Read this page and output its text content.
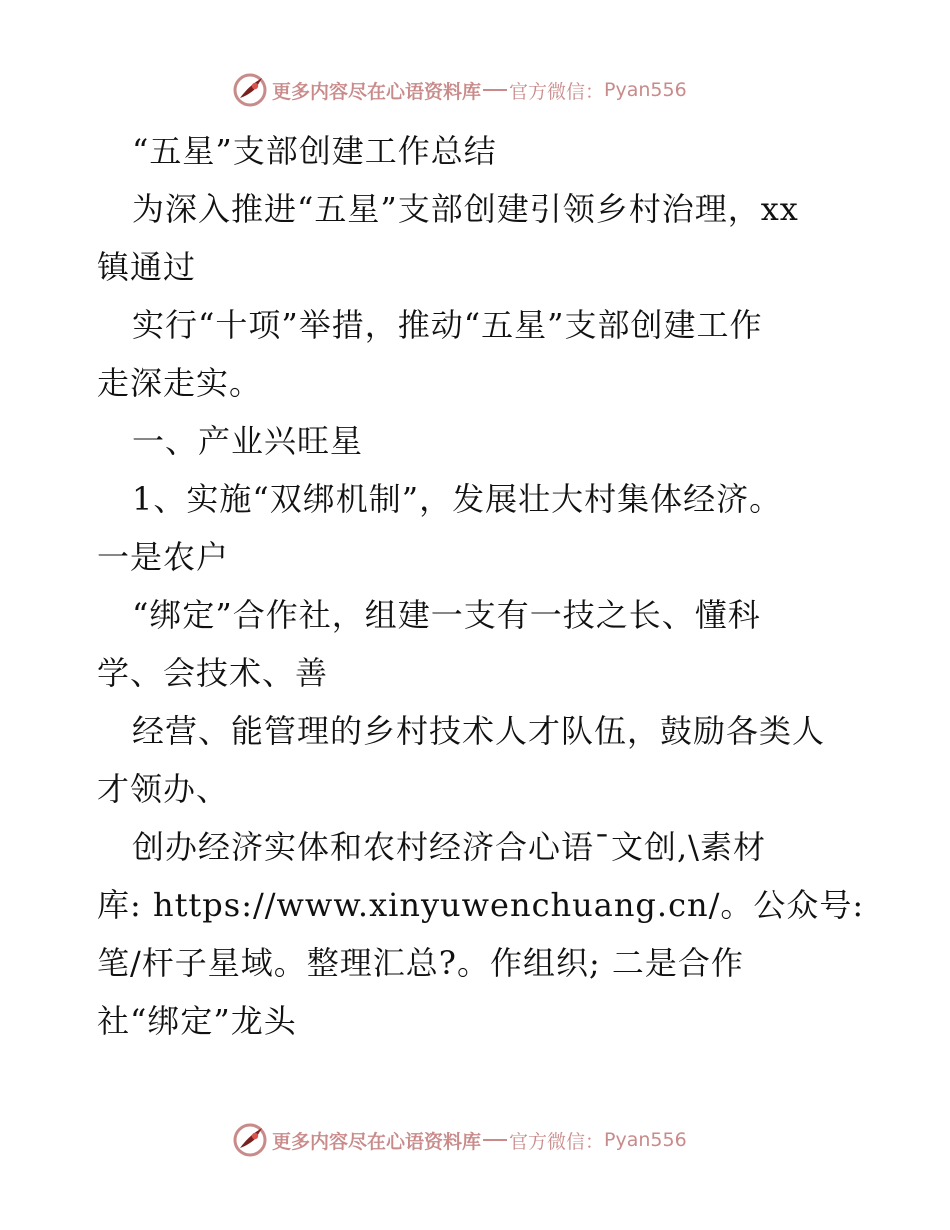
更多内容尽在心语资料库 官方微信： Pyan556
“五星”支部创建工作总结
为深入推进“五星”支部创建引领乡村治理，xx
镇通过
实行“十项”举措，推动“五星”支部创建工作
走深走实。
一、产业兴旺星
1、实施“双绑机制”，发展壮大村集体经济。
一是农户
“绑定”合作社，组建一支有一技之长、懂科
学、会技术、善
经营、能管理的乡村技术人才队伍，鼓励各类人
才领办、
创办经济实体和农村经济合心语¯文创,\素材
库: https://www.xinyuwenchuang.cn/。公众号:
笔/杆子星域。整理汇总?。作组织; 二是合作
社“绑定”龙头
更多内容尽在心语资料库 官方微信： Pyan556
